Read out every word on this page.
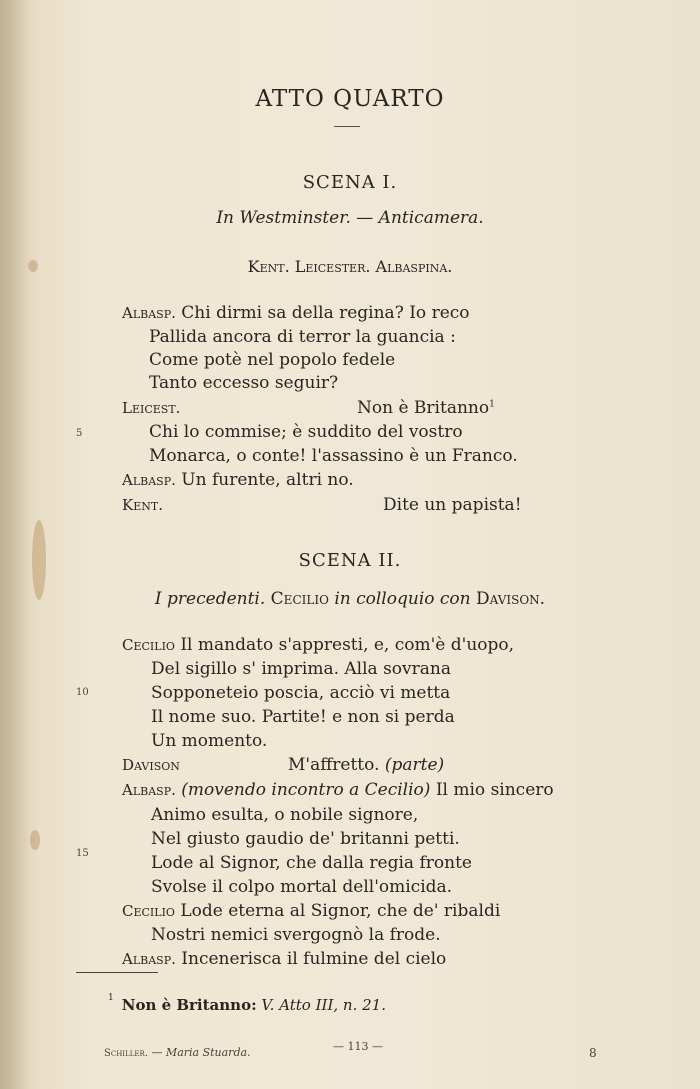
ATTO QUARTO
SCENA I.
In Westminster. — Anticamera.
Kent. Leicester. Albaspina.
Albasp. Chi dirmi sa della regina? Io reco
Pallida ancora di terror la guancia :
Come potè nel popolo fedele
Tanto eccesso seguir?
Leicest.	Non è Britanno$^1$
5	Chi lo commise; è suddito del vostro
Monarca, o conte! l'assassino è un Franco.
Albasp. Un furente, altri no.
Kent.	Dite un papista!
SCENA II.
I precedenti. Cecilio in colloquio con Davison.
Cecilio Il mandato s'appresti, e, com'è d'uopo,
Del sigillo s' imprima. Alla sovrana
10	Sopponeteio poscia, acciò vi metta
Il nome suo. Partite! e non si perda
Un momento.
Davison	M'affretto. (parte)
Albasp. (movendo incontro a Cecilio) Il mio sincero
Animo esulta, o nobile signore,
Nel giusto gaudio de' britanni petti.
15	Lode al Signor, che dalla regia fronte
Svolse il colpo mortal dell'omicida.
Cecilio Lode eterna al Signor, che de' ribaldi
Nostri nemici svergognò la frode.
Albasp. Incenerisca il fulmine del cielo
$^1$ Non è Britanno: V. Atto III, n. 21.
Schiller. — Maria Stuarda.	— 113 —	8
